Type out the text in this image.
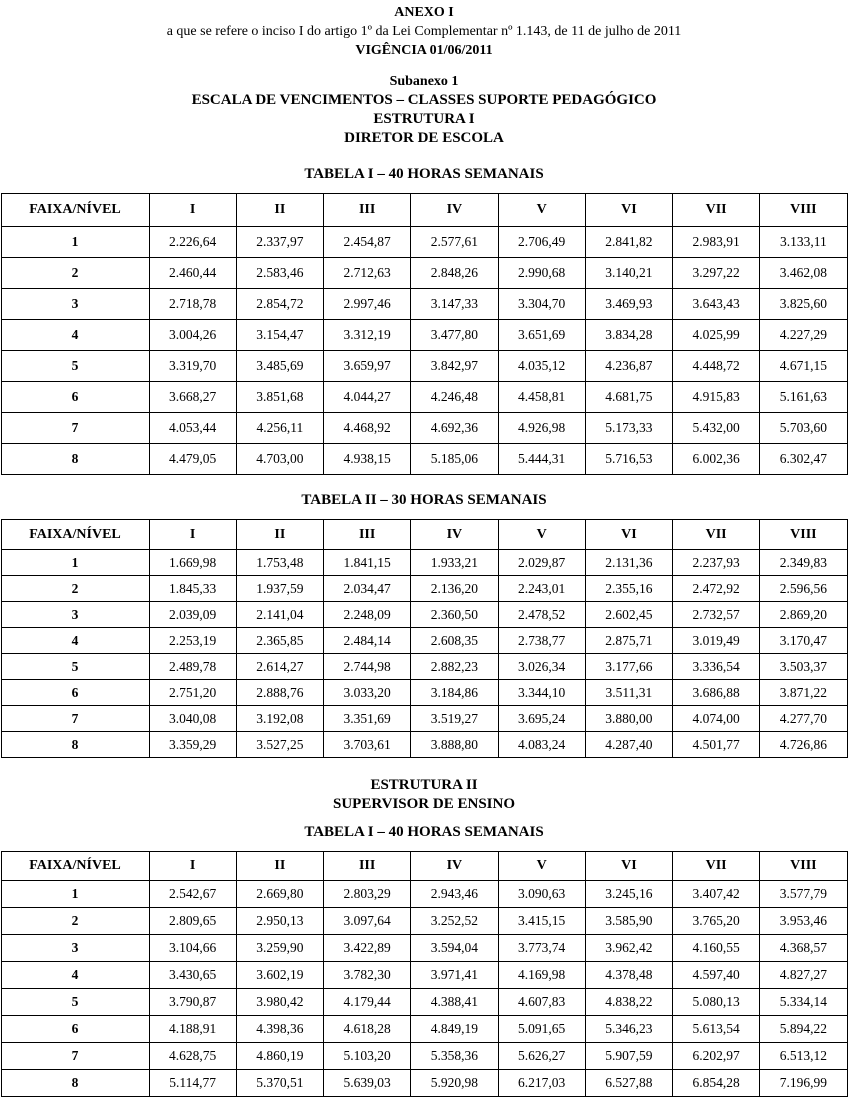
ANEXO I
a que se refere o inciso I do artigo 1º da Lei Complementar nº 1.143, de 11 de julho de 2011
VIGÊNCIA 01/06/2011
Subanexo 1
ESCALA DE VENCIMENTOS – CLASSES SUPORTE PEDAGÓGICO
ESTRUTURA I
DIRETOR DE ESCOLA
TABELA I – 40 HORAS SEMANAIS
FAIXA/NÍVEL	I	II	III	IV	V	VI	VII	VIII
1	2.226,64	2.337,97	2.454,87	2.577,61	2.706,49	2.841,82	2.983,91	3.133,11
2	2.460,44	2.583,46	2.712,63	2.848,26	2.990,68	3.140,21	3.297,22	3.462,08
3	2.718,78	2.854,72	2.997,46	3.147,33	3.304,70	3.469,93	3.643,43	3.825,60
4	3.004,26	3.154,47	3.312,19	3.477,80	3.651,69	3.834,28	4.025,99	4.227,29
5	3.319,70	3.485,69	3.659,97	3.842,97	4.035,12	4.236,87	4.448,72	4.671,15
6	3.668,27	3.851,68	4.044,27	4.246,48	4.458,81	4.681,75	4.915,83	5.161,63
7	4.053,44	4.256,11	4.468,92	4.692,36	4.926,98	5.173,33	5.432,00	5.703,60
8	4.479,05	4.703,00	4.938,15	5.185,06	5.444,31	5.716,53	6.002,36	6.302,47
TABELA II – 30 HORAS SEMANAIS
FAIXA/NÍVEL	I	II	III	IV	V	VI	VII	VIII
1	1.669,98	1.753,48	1.841,15	1.933,21	2.029,87	2.131,36	2.237,93	2.349,83
2	1.845,33	1.937,59	2.034,47	2.136,20	2.243,01	2.355,16	2.472,92	2.596,56
3	2.039,09	2.141,04	2.248,09	2.360,50	2.478,52	2.602,45	2.732,57	2.869,20
4	2.253,19	2.365,85	2.484,14	2.608,35	2.738,77	2.875,71	3.019,49	3.170,47
5	2.489,78	2.614,27	2.744,98	2.882,23	3.026,34	3.177,66	3.336,54	3.503,37
6	2.751,20	2.888,76	3.033,20	3.184,86	3.344,10	3.511,31	3.686,88	3.871,22
7	3.040,08	3.192,08	3.351,69	3.519,27	3.695,24	3.880,00	4.074,00	4.277,70
8	3.359,29	3.527,25	3.703,61	3.888,80	4.083,24	4.287,40	4.501,77	4.726,86
ESTRUTURA II
SUPERVISOR DE ENSINO
TABELA I – 40 HORAS SEMANAIS
FAIXA/NÍVEL	I	II	III	IV	V	VI	VII	VIII
1	2.542,67	2.669,80	2.803,29	2.943,46	3.090,63	3.245,16	3.407,42	3.577,79
2	2.809,65	2.950,13	3.097,64	3.252,52	3.415,15	3.585,90	3.765,20	3.953,46
3	3.104,66	3.259,90	3.422,89	3.594,04	3.773,74	3.962,42	4.160,55	4.368,57
4	3.430,65	3.602,19	3.782,30	3.971,41	4.169,98	4.378,48	4.597,40	4.827,27
5	3.790,87	3.980,42	4.179,44	4.388,41	4.607,83	4.838,22	5.080,13	5.334,14
6	4.188,91	4.398,36	4.618,28	4.849,19	5.091,65	5.346,23	5.613,54	5.894,22
7	4.628,75	4.860,19	5.103,20	5.358,36	5.626,27	5.907,59	6.202,97	6.513,12
8	5.114,77	5.370,51	5.639,03	5.920,98	6.217,03	6.527,88	6.854,28	7.196,99
